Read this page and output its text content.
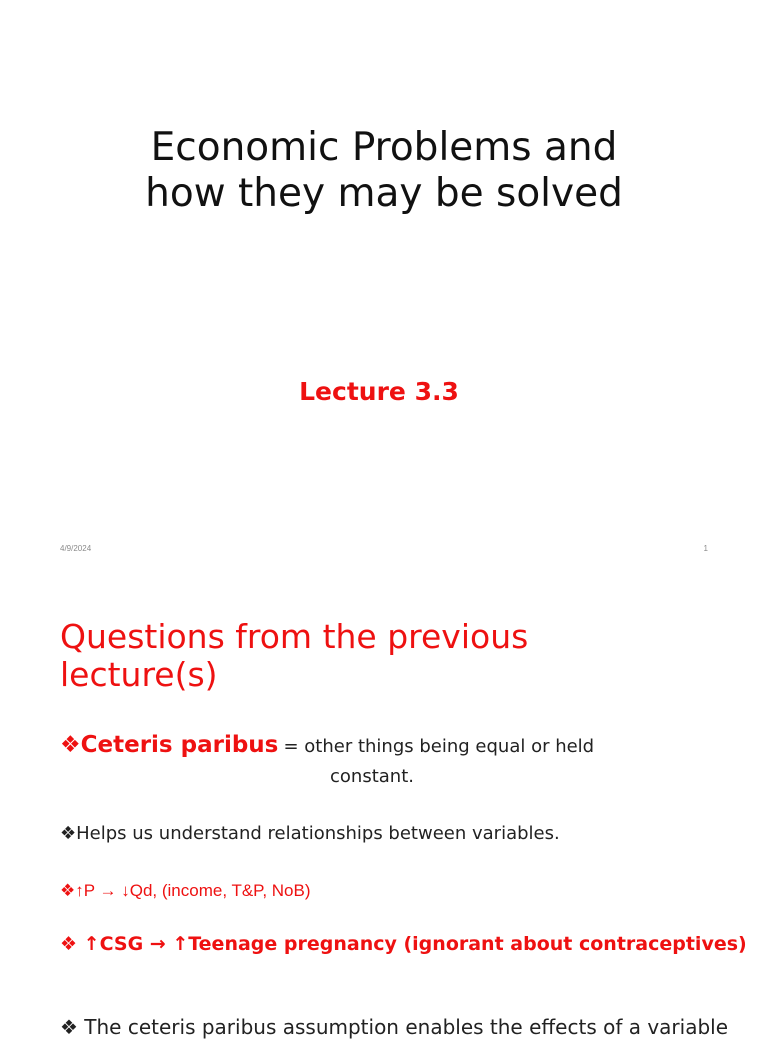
Economic Problems and
how they may be solved
Lecture 3.3
4/9/2024	1
Questions from the previous
lecture(s)
❖Ceteris paribus = other things being equal or held
constant.
❖Helps us understand relationships between variables.
❖↑P → ↓Qd, (income, T&P, NoB)
❖ ↑CSG → ↑Teenage pregnancy (ignorant about contraceptives)
❖ The ceteris paribus assumption enables the effects of a variable
